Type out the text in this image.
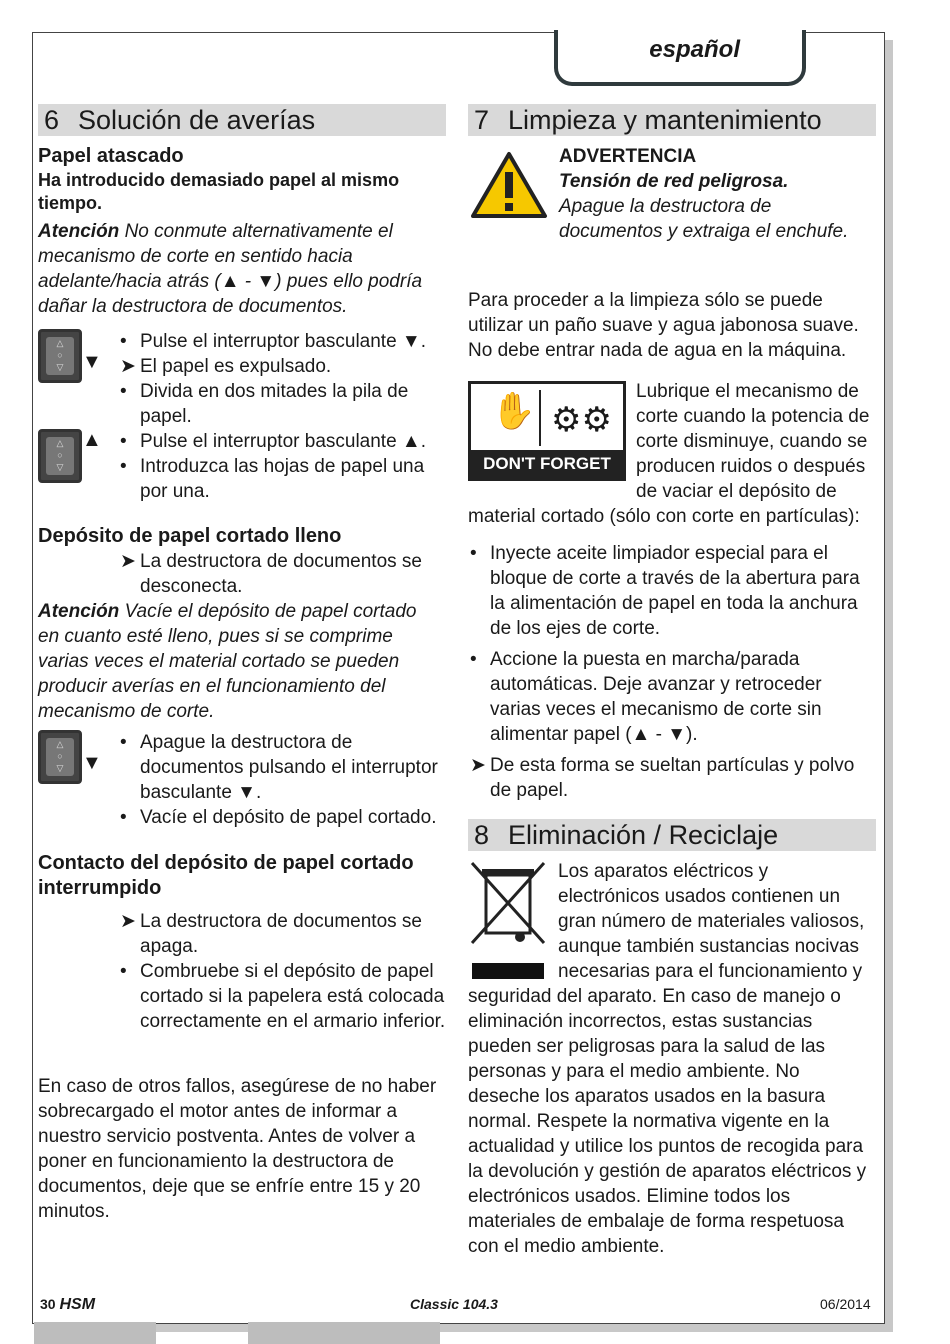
español
6 Solución de averías
Papel atascado

Ha introducido demasiado papel al mismo tiempo.

Atención No conmute alternativamente el mecanismo de corte en sentido hacia adelante/hacia atrás (▲ - ▼) pues ello podría dañar la destructora de documentos.

△
○
▽ ▼
△
○
▽
▲

• Pulse el interruptor basculante ▼.

➤ El papel es expulsado.

• Divida en dos mitades la pila de papel.

• Pulse el interruptor basculante ▲.

• Introduzca las hojas de papel una por una.

Depósito de papel cortado lleno

➤ La destructora de documentos se desconecta.

Atención Vacíe el depósito de papel cortado en cuanto esté lleno, pues si se comprime varias veces el material cortado se pueden producir averías en el funcionamiento del mecanismo de corte.

△
○
▽ ▼

• Apague la destructora de documentos pulsando el interruptor basculante ▼.

• Vacíe el depósito de papel cortado.

Contacto del depósito de papel cortado interrumpido

➤ La destructora de documentos se apaga.

• Combruebe si el depósito de papel cortado si la papelera está colocada correctamente en el armario inferior.

En caso de otros fallos, asegúrese de no haber sobrecargado el motor antes de informar a nuestro servicio postventa. Antes de volver a poner en funcionamiento la destructora de documentos, deje que se enfríe entre 15 y 20 minutos.

7 Limpieza y mantenimiento

ADVERTENCIA

Tensión de red peligrosa.

Apague la destructora de documentos y extraiga el enchufe.

Para proceder a la limpieza sólo se puede utilizar un paño suave y agua jabonosa suave. No debe entrar nada de agua en la máquina.

DON'T FORGET
✋ ⚙⚙

Lubrique el mecanismo de corte cuando la potencia de corte disminuye, cuando se producen ruidos o después de vaciar el depósito de material cortado (sólo con corte en partículas):

• Inyecte aceite limpiador especial para el bloque de corte a través de la abertura para la alimentación de papel en toda la anchura de los ejes de corte.

• Accione la puesta en marcha/parada automáticas. Deje avanzar y retroceder varias veces el mecanismo de corte sin alimentar papel (▲ - ▼).

➤ De esta forma se sueltan partículas y polvo de papel.

8 Eliminación / Reciclaje

Los aparatos eléctricos y electrónicos usados contienen un gran número de materiales valiosos, aunque también sustancias nocivas necesarias para el funcionamiento y seguridad del aparato. En caso de manejo o eliminación incorrectos, estas sustancias pueden ser peligrosas para la salud de las personas y para el medio ambiente. No deseche los aparatos usados en la basura normal. Respete la normativa vigente en la actualidad y utilice los puntos de recogida para la devolución y gestión de aparatos eléctricos y electrónicos usados. Elimine todos los materiales de embalaje de forma respetuosa con el medio ambiente.

30 HSM	Classic 104.3	06/2014
